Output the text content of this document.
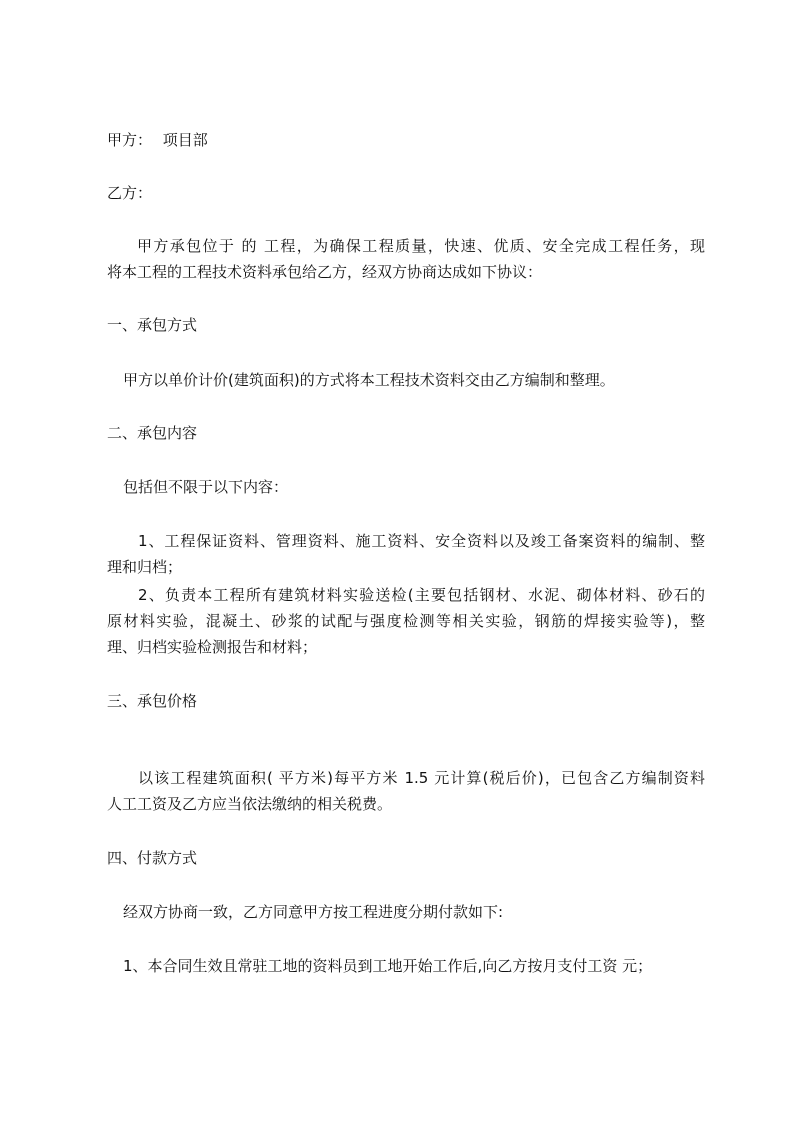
甲方： 项目部
乙方：
甲方承包位于 的 工程，为确保工程质量，快速、优质、安全完成工程任务，现
将本工程的工程技术资料承包给乙方，经双方协商达成如下协议：
一、承包方式
甲方以单价计价(建筑面积)的方式将本工程技术资料交由乙方编制和整理。
二、承包内容
包括但不限于以下内容：
1、工程保证资料、管理资料、施工资料、安全资料以及竣工备案资料的编制、整
理和归档；
2、负责本工程所有建筑材料实验送检(主要包括钢材、水泥、砌体材料、砂石的
原材料实验，混凝土、砂浆的试配与强度检测等相关实验，钢筋的焊接实验等)，整
理、归档实验检测报告和材料；
三、承包价格
以该工程建筑面积( 平方米)每平方米 1.5 元计算(税后价)，已包含乙方编制资料
人工工资及乙方应当依法缴纳的相关税费。
四、付款方式
经双方协商一致，乙方同意甲方按工程进度分期付款如下:
1、本合同生效且常驻工地的资料员到工地开始工作后,向乙方按月支付工资 元；
